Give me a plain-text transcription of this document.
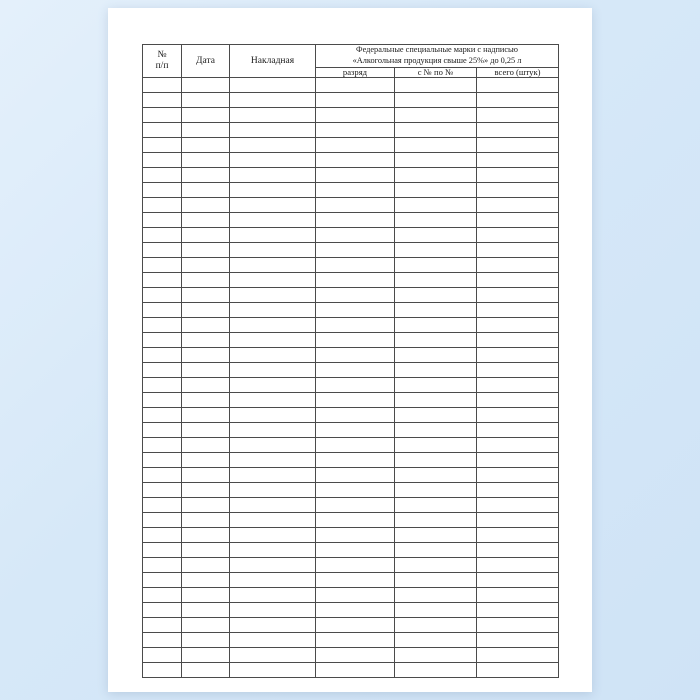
№
п/п
	Дата	Накладная	
Федеральные специальные марки с надписью
«Алкогольная продукция свыше 25%» до 0,25 л

			разряд	с № по №	всего (штук)
